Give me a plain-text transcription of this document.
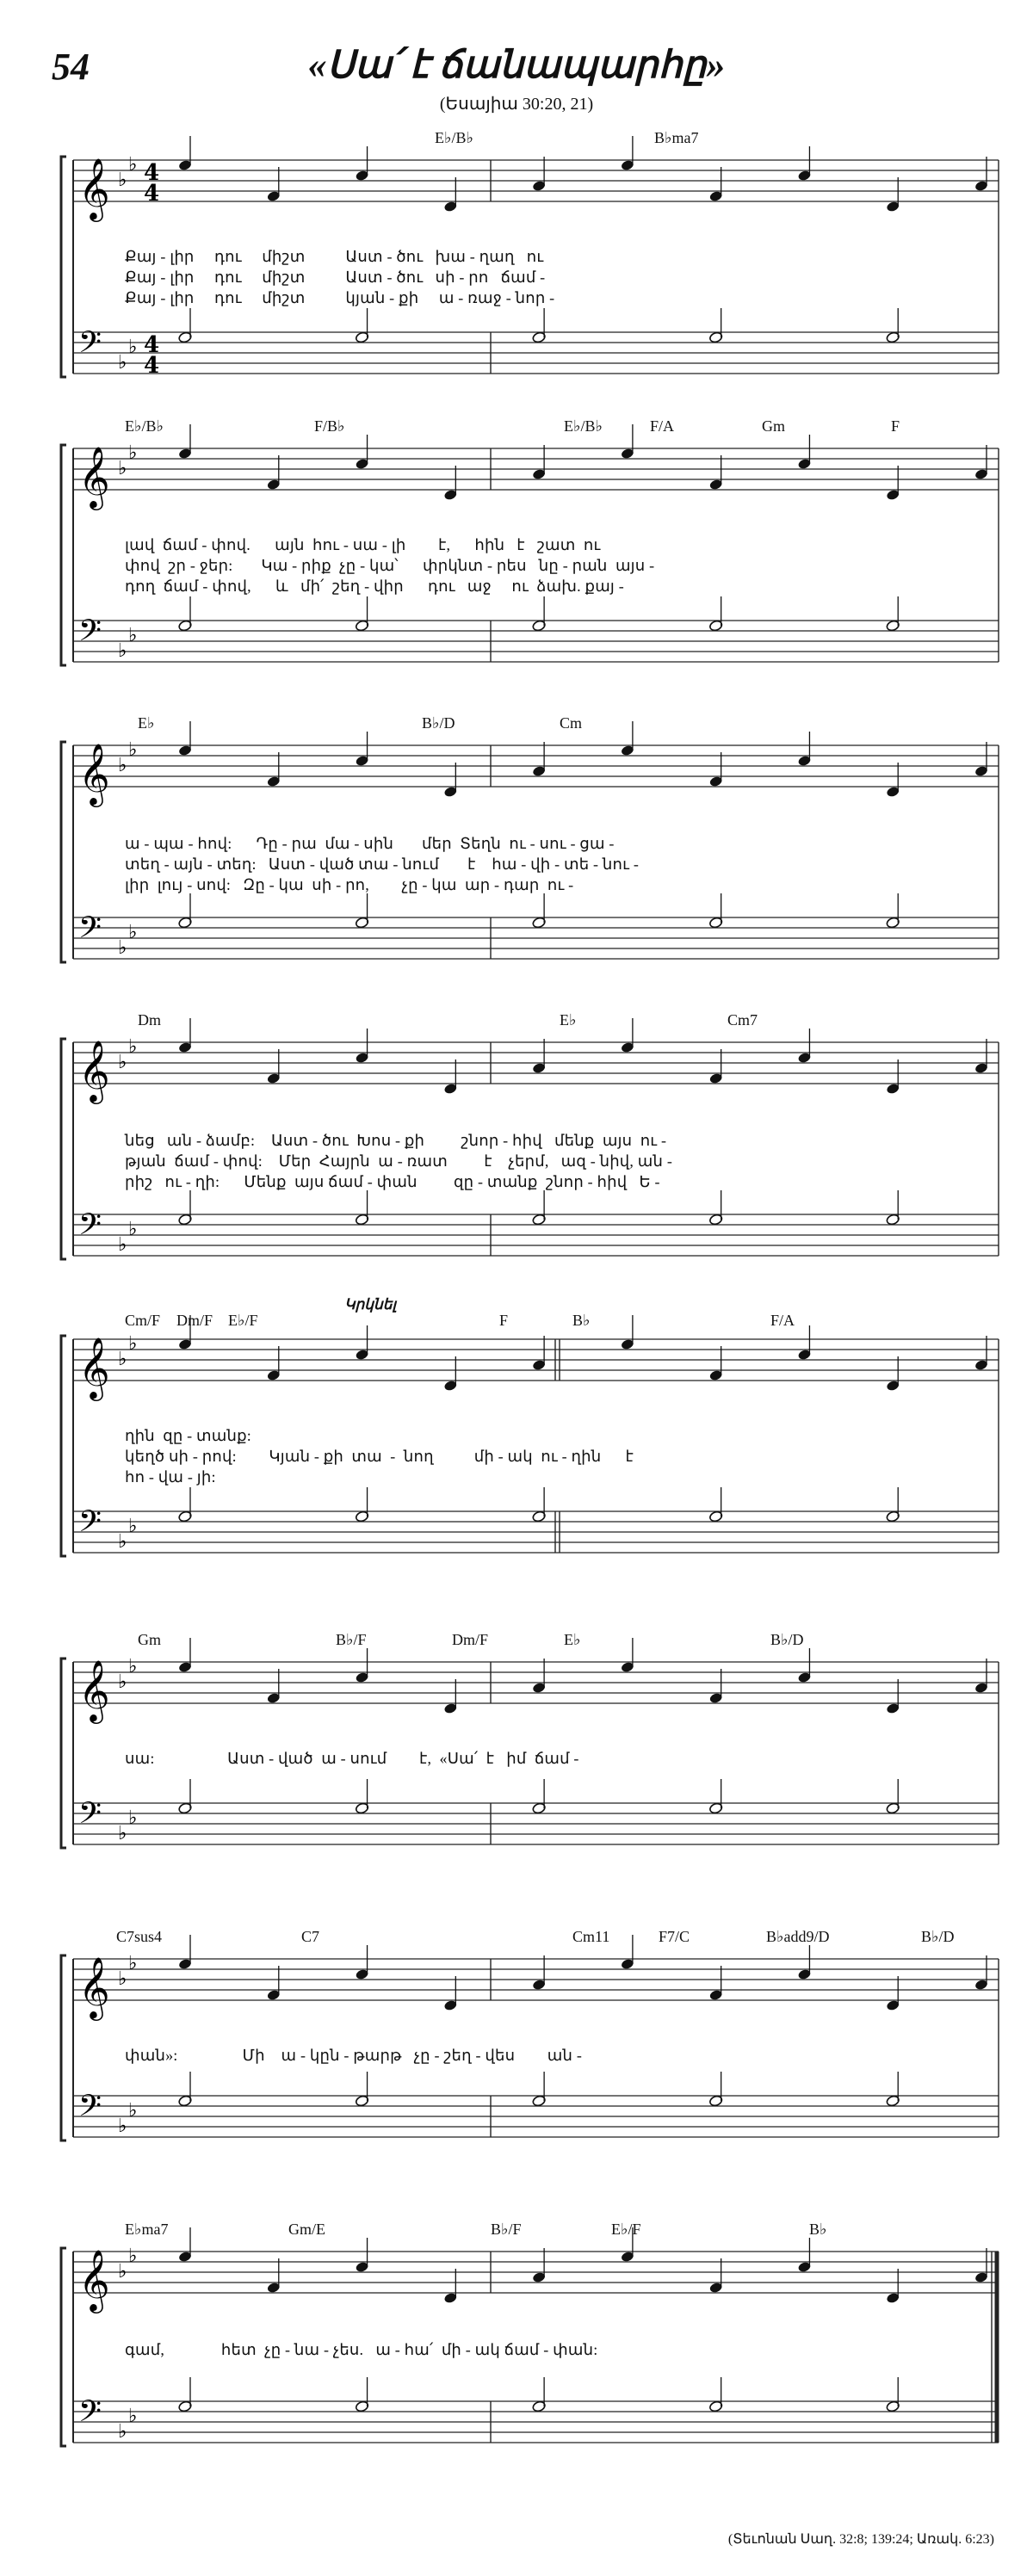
54	«Սա՛ է ճանապարհը»
(Եսայիա 30:20, 21)
E♭/B♭	B♭ma7
𝄞
𝄢
♭
♭
♭
♭
4
4
4
4
Քայ - լիր     դու     միշտ          Աստ - ծու   խա - ղաղ   ու
Քայ - լիր     դու     միշտ          Աստ - ծու   սի - րո   ճամ -
Քայ - լիր     դու     միշտ          կյան - քի     ա - ռաջ - նոր -
E♭/B♭	F/B♭	E♭/B♭	F/A	Gm	F
𝄞
𝄢
♭
♭
♭
♭
լավ  ճամ - փով.      այն  հու - սա - լի        է,      հին   է   շատ  ու
փով  շր - ջեր:       Կա - րիք  չը - կա՝      փրկնտ - րես   նը - րան  այս -
դող  ճամ - փով,      և   մի՛  շեղ - վիր      դու   աջ     ու  ձախ. քայ -
E♭	B♭/D	Cm
𝄞
𝄢
♭
♭
♭
♭
ա - պա - հով:      Դը - րա  մա - սին       մեր  Տեղն  ու - սու - ցա -
տեղ - այն - տեղ:   Աստ - ված տա - նում       է    հա - վի - տե - նու -
լիր  լույ - սով:   Զը - կա  սի - րո,        չը - կա  ար - դար  ու -
Dm	E♭	Cm7
𝄞
𝄢
♭
♭
♭
♭
նեց   ան - ձամբ:    Աստ - ծու  Խոս - քի         շնոր - հիվ   մենք  այս  ու -
թյան  ճամ - փով:    Մեր  Հայրն  ա - ռատ         է    չերմ,   ազ - նիվ, ան -
րիշ   ու - ղի:      Մենք  այս ճամ - փան         զը - տանք  շնոր - հիվ   Ե -
Cm/F Dm/F E♭/F
Կրկնել
F	B♭	F/A
𝄞
𝄢
♭
♭
♭
♭
ղին  զը - տանք:
կեղծ սի - րով:        Կյան - քի  տա  -  նող          մի - ակ  ու - ղին      է
հո - վա - յի:
Gm	B♭/F	Dm/F	E♭	B♭/D
𝄞
𝄢
♭
♭
♭
♭
սա:                  Աստ - ված  ա - սում        է,  «Սա՛  է   իմ  ճամ -
C7sus4	C7	Cm11	F7/C	B♭add9/D	B♭/D
𝄞
𝄢
♭
♭
♭
♭
փան»:                Մի    ա - կըն - թարթ   չը - շեղ - վես        ան -
E♭ma7	Gm/E	B♭/F	E♭/F	B♭
𝄞
𝄢
♭
♭
♭
♭
գամ,              հետ  չը - նա - չես.   ա - հա՛  մի - ակ ճամ - փան:
(Տեւոնան Սաղ. 32:8; 139:24; Առակ. 6:23)
